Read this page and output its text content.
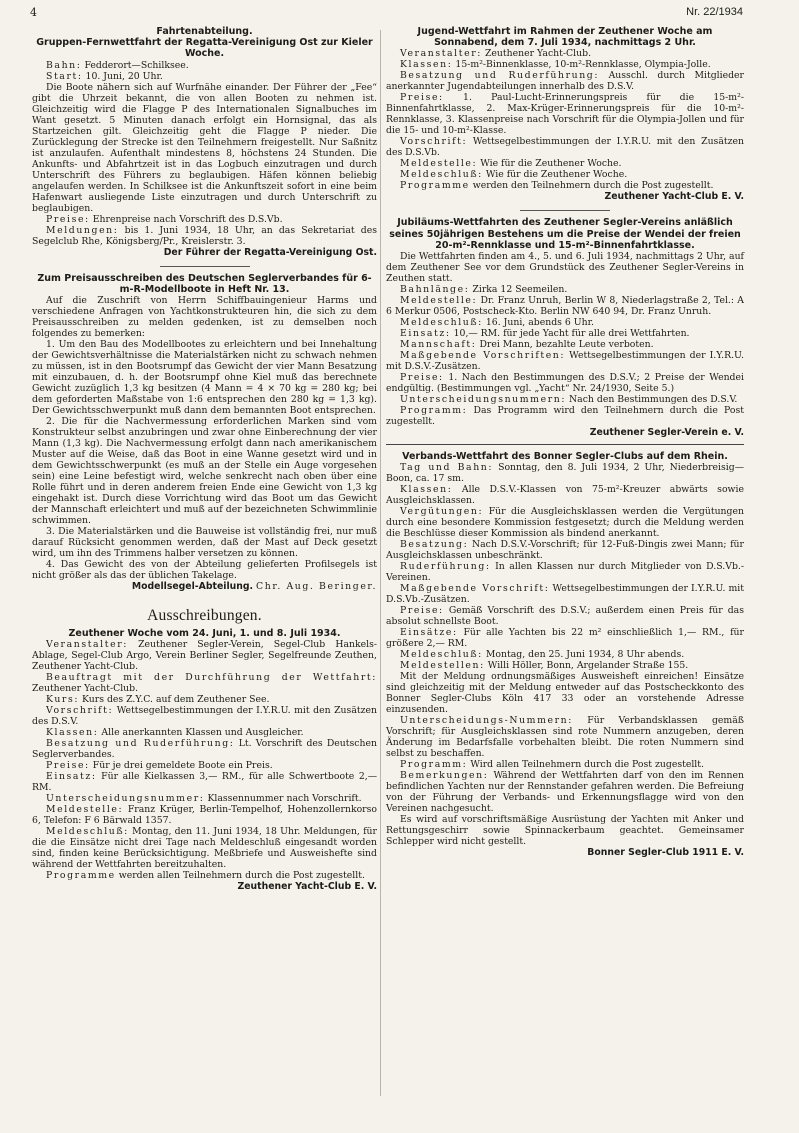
4	Nr. 22/1934
Fahrtenabteilung.
Gruppen-Fernwettfahrt der Regatta-Vereinigung Ost zur Kieler Woche.

Bahn: Fedderort—Schilksee.

Start: 10. Juni, 20 Uhr.

Die Boote nähern sich auf Wurfnähe einander. Der Führer der „Fee“ gibt die Uhrzeit bekannt, die von allen Booten zu nehmen ist. Gleichzeitig wird die Flagge P des Internationalen Signalbuches im Want gesetzt. 5 Minuten danach erfolgt ein Hornsignal, das als Startzeichen gilt. Gleichzeitig geht die Flagge P nieder. Die Zurücklegung der Strecke ist den Teilnehmern freigestellt. Nur Saßnitz ist anzulaufen. Aufenthalt mindestens 8, höchstens 24 Stunden. Die Ankunfts- und Abfahrtzeit ist in das Logbuch einzutragen und durch Unterschrift des Führers zu beglaubigen. Häfen können beliebig angelaufen werden. In Schilksee ist die Ankunftszeit sofort in eine beim Hafenwart ausliegende Liste einzutragen und durch Unterschrift zu beglaubigen.

Preise: Ehrenpreise nach Vorschrift des D.S.Vb.

Meldungen: bis 1. Juni 1934, 18 Uhr, an das Sekretariat des Segelclub Rhe, Königsberg/Pr., Kreislerstr. 3.

Der Führer der Regatta-Vereinigung Ost.

Zum Preisausschreiben des Deutschen Seglerverbandes für 6-m-R-Modellboote in Heft Nr. 13.

Auf die Zuschrift von Herrn Schiffbauingenieur Harms und verschiedene Anfragen von Yachtkonstrukteuren hin, die sich zu dem Preisausschreiben zu melden gedenken, ist zu demselben noch folgendes zu bemerken:

1. Um den Bau des Modellbootes zu erleichtern und bei Innehaltung der Gewichtsverhältnisse die Materialstärken nicht zu schwach nehmen zu müssen, ist in den Bootsrumpf das Gewicht der vier Mann Besatzung mit einzubauen, d. h. der Bootsrumpf ohne Kiel muß das berechnete Gewicht zuzüglich 1,3 kg besitzen (4 Mann = 4 × 70 kg = 280 kg; bei dem geforderten Maßstabe von 1:6 entsprechen den 280 kg = 1,3 kg). Der Gewichtsschwerpunkt muß dann dem bemannten Boot entsprechen.

2. Die für die Nachvermessung erforderlichen Marken sind vom Konstrukteur selbst anzubringen und zwar ohne Einberechnung der vier Mann (1,3 kg). Die Nachvermessung erfolgt dann nach amerikanischem Muster auf die Weise, daß das Boot in eine Wanne gesetzt wird und in dem Gewichtsschwerpunkt (es muß an der Stelle ein Auge vorgesehen sein) eine Leine befestigt wird, welche senkrecht nach oben über eine Rolle führt und in deren anderem freien Ende eine Gewicht von 1,3 kg eingehakt ist. Durch diese Vorrichtung wird das Boot um das Gewicht der Mannschaft erleichtert und muß auf der bezeichneten Schwimmlinie schwimmen.

3. Die Materialstärken und die Bauweise ist vollständig frei, nur muß darauf Rücksicht genommen werden, daß der Mast auf Deck gesetzt wird, um ihn des Trimmens halber versetzen zu können.

4. Das Gewicht des von der Abteilung gelieferten Profilsegels ist nicht größer als das der üblichen Takelage.

Modellsegel-Abteilung. Chr. Aug. Beringer.

Ausschreibungen.
Zeuthener Woche vom 24. Juni, 1. und 8. Juli 1934.

Veranstalter: Zeuthener Segler-Verein, Segel-Club Hankels-Ablage, Segel-Club Argo, Verein Berliner Segler, Segelfreunde Zeuthen, Zeuthener Yacht-Club.

Beauftragt mit der Durchführung der Wettfahrt: Zeuthener Yacht-Club.

Kurs: Kurs des Z.Y.C. auf dem Zeuthener See.

Vorschrift: Wettsegelbestimmungen der I.Y.R.U. mit den Zusätzen des D.S.V.

Klassen: Alle anerkannten Klassen und Ausgleicher.

Besatzung und Ruderführung: Lt. Vorschrift des Deutschen Seglerverbandes.

Preise: Für je drei gemeldete Boote ein Preis.

Einsatz: Für alle Kielkassen 3,— RM., für alle Schwertboote 2,— RM.

Unterscheidungsnummer: Klassennummer nach Vorschrift.

Meldestelle: Franz Krüger, Berlin-Tempelhof, Hohenzollernkorso 6, Telefon: F 6 Bärwald 1357.

Meldeschluß: Montag, den 11. Juni 1934, 18 Uhr. Meldungen, für die die Einsätze nicht drei Tage nach Meldeschluß eingesandt worden sind, finden keine Berücksichtigung. Meßbriefe und Ausweishefte sind während der Wettfahrten bereitzuhalten.

Programme werden allen Teilnehmern durch die Post zugestellt.

Zeuthener Yacht-Club E. V.

Jugend-Wettfahrt im Rahmen der Zeuthener Woche am Sonnabend, dem 7. Juli 1934, nachmittags 2 Uhr.

Veranstalter: Zeuthener Yacht-Club.

Klassen: 15-m²-Binnenklasse, 10-m²-Rennklasse, Olympia-Jolle.

Besatzung und Ruderführung: Ausschl. durch Mitglieder anerkannter Jugendabteilungen innerhalb des D.S.V.

Preise: 1. Paul-Lucht-Erinnerungspreis für die 15-m²-Binnenfahrtklasse, 2. Max-Krüger-Erinnerungspreis für die 10-m²-Rennklasse, 3. Klassenpreise nach Vorschrift für die Olympia-Jollen und für die 15- und 10-m²-Klasse.

Vorschrift: Wettsegelbestimmungen der I.Y.R.U. mit den Zusätzen des D.S.Vb.

Meldestelle: Wie für die Zeuthener Woche.

Meldeschluß: Wie für die Zeuthener Woche.

Programme werden den Teilnehmern durch die Post zugestellt.

Zeuthener Yacht-Club E. V.

Jubiläums-Wettfahrten des Zeuthener Segler-Vereins anläßlich seines 50jährigen Bestehens um die Preise der Wendei der freien 20-m²-Rennklasse und 15-m²-Binnenfahrtklasse.

Die Wettfahrten finden am 4., 5. und 6. Juli 1934, nachmittags 2 Uhr, auf dem Zeuthener See vor dem Grundstück des Zeuthener Segler-Vereins in Zeuthen statt.

Bahnlänge: Zirka 12 Seemeilen.

Meldestelle: Dr. Franz Unruh, Berlin W 8, Niederlagstraße 2, Tel.: A 6 Merkur 0506, Postscheck-Kto. Berlin NW 640 94, Dr. Franz Unruh.

Meldeschluß: 16. Juni, abends 6 Uhr.

Einsatz: 10,— RM. für jede Yacht für alle drei Wettfahrten.

Mannschaft: Drei Mann, bezahlte Leute verboten.

Maßgebende Vorschriften: Wettsegelbestimmungen der I.Y.R.U. mit D.S.V.-Zusätzen.

Preise: 1. Nach den Bestimmungen des D.S.V.; 2 Preise der Wendei endgültig. (Bestimmungen vgl. „Yacht“ Nr. 24/1930, Seite 5.)

Unterscheidungsnummern: Nach den Bestimmungen des D.S.V.

Programm: Das Programm wird den Teilnehmern durch die Post zugestellt.

Zeuthener Segler-Verein e. V.

Verbands-Wettfahrt des Bonner Segler-Clubs auf dem Rhein.

Tag und Bahn: Sonntag, den 8. Juli 1934, 2 Uhr, Niederbreisig—Boon, ca. 17 sm.

Klassen: Alle D.S.V.-Klassen von 75-m²-Kreuzer abwärts sowie Ausgleichsklassen.

Vergütungen: Für die Ausgleichsklassen werden die Vergütungen durch eine besondere Kommission festgesetzt; durch die Meldung werden die Beschlüsse dieser Kommission als bindend anerkannt.

Besatzung: Nach D.S.V.-Vorschrift; für 12-Fuß-Dingis zwei Mann; für Ausgleichsklassen unbeschränkt.

Ruderführung: In allen Klassen nur durch Mitglieder von D.S.Vb.-Vereinen.

Maßgebende Vorschrift: Wettsegelbestimmungen der I.Y.R.U. mit D.S.Vb.-Zusätzen.

Preise: Gemäß Vorschrift des D.S.V.; außerdem einen Preis für das absolut schnellste Boot.

Einsätze: Für alle Yachten bis 22 m² einschließlich 1,— RM., für größere 2,— RM.

Meldeschluß: Montag, den 25. Juni 1934, 8 Uhr abends.

Meldestellen: Willi Höller, Bonn, Argelander Straße 155.

Mit der Meldung ordnungsmäßiges Ausweisheft einreichen! Einsätze sind gleichzeitig mit der Meldung entweder auf das Postscheckkonto des Bonner Segler-Clubs Köln 417 33 oder an vorstehende Adresse einzusenden.

Unterscheidungs-Nummern: Für Verbandsklassen gemäß Vorschrift; für Ausgleichsklassen sind rote Nummern anzugeben, deren Änderung im Bedarfsfalle vorbehalten bleibt. Die roten Nummern sind selbst zu beschaffen.

Programm: Wird allen Teilnehmern durch die Post zugestellt.

Bemerkungen: Während der Wettfahrten darf von den im Rennen befindlichen Yachten nur der Rennstander gefahren werden. Die Befreiung von der Führung der Verbands- und Erkennungsflagge wird von den Vereinen nachgesucht.

Es wird auf vorschriftsmäßige Ausrüstung der Yachten mit Anker und Rettungsgeschirr sowie Spinnackerbaum geachtet. Gemeinsamer Schlepper wird nicht gestellt.

Bonner Segler-Club 1911 E. V.
